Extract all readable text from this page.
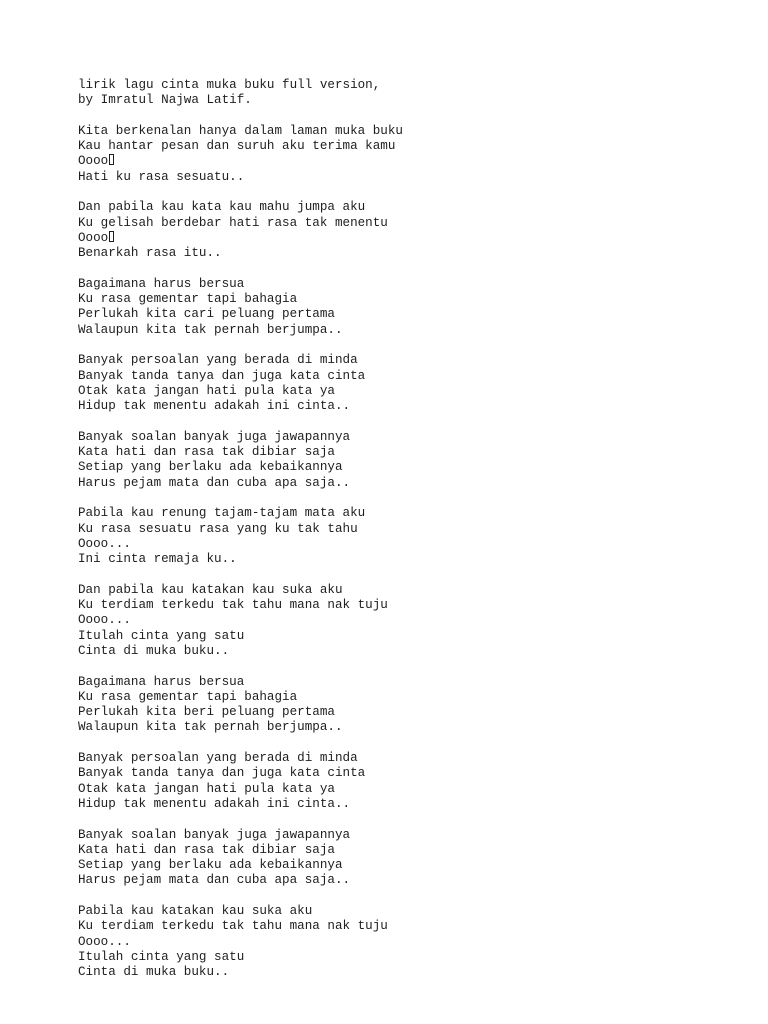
lirik lagu cinta muka buku full version,
by Imratul Najwa Latif.
Kita berkenalan hanya dalam laman muka buku
Kau hantar pesan dan suruh aku terima kamu
Oooo
Hati ku rasa sesuatu..
Dan pabila kau kata kau mahu jumpa aku
Ku gelisah berdebar hati rasa tak menentu
Oooo
Benarkah rasa itu..
Bagaimana harus bersua
Ku rasa gementar tapi bahagia
Perlukah kita cari peluang pertama
Walaupun kita tak pernah berjumpa..
Banyak persoalan yang berada di minda
Banyak tanda tanya dan juga kata cinta
Otak kata jangan hati pula kata ya
Hidup tak menentu adakah ini cinta..
Banyak soalan banyak juga jawapannya
Kata hati dan rasa tak dibiar saja
Setiap yang berlaku ada kebaikannya
Harus pejam mata dan cuba apa saja..
Pabila kau renung tajam-tajam mata aku
Ku rasa sesuatu rasa yang ku tak tahu
Oooo...
Ini cinta remaja ku..
Dan pabila kau katakan kau suka aku
Ku terdiam terkedu tak tahu mana nak tuju
Oooo...
Itulah cinta yang satu
Cinta di muka buku..
Bagaimana harus bersua
Ku rasa gementar tapi bahagia
Perlukah kita beri peluang pertama
Walaupun kita tak pernah berjumpa..
Banyak persoalan yang berada di minda
Banyak tanda tanya dan juga kata cinta
Otak kata jangan hati pula kata ya
Hidup tak menentu adakah ini cinta..
Banyak soalan banyak juga jawapannya
Kata hati dan rasa tak dibiar saja
Setiap yang berlaku ada kebaikannya
Harus pejam mata dan cuba apa saja..
Pabila kau katakan kau suka aku
Ku terdiam terkedu tak tahu mana nak tuju
Oooo...
Itulah cinta yang satu
Cinta di muka buku..
